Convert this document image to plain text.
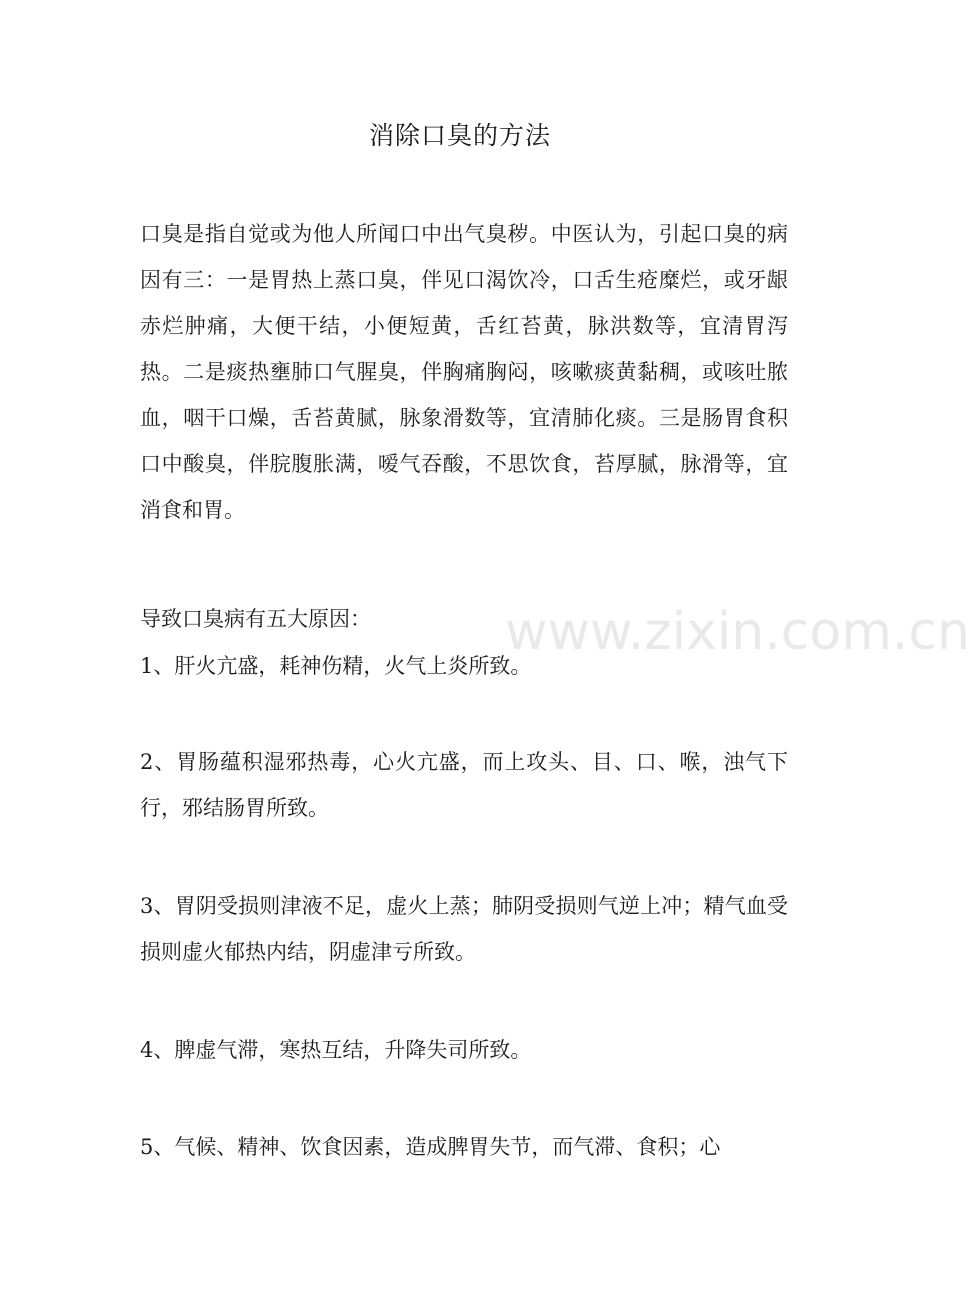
消除口臭的方法
口臭是指自觉或为他人所闻口中出气臭秽。中医认为，引起口臭的病因有三：一是胃热上蒸口臭，伴见口渴饮冷，口舌生疮糜烂，或牙龈赤烂肿痛，大便干结，小便短黄，舌红苔黄，脉洪数等，宜清胃泻热。二是痰热壅肺口气腥臭，伴胸痛胸闷，咳嗽痰黄黏稠，或咳吐脓血，咽干口燥，舌苔黄腻，脉象滑数等，宜清肺化痰。三是肠胃食积口中酸臭，伴脘腹胀满，嗳气吞酸，不思饮食，苔厚腻，脉滑等，宜消食和胃。
导致口臭病有五大原因：
1、肝火亢盛，耗神伤精，火气上炎所致。
2、胃肠蕴积湿邪热毒，心火亢盛，而上攻头、目、口、喉，浊气下行，邪结肠胃所致。
3、胃阴受损则津液不足，虚火上蒸；肺阴受损则气逆上冲；精气血受损则虚火郁热内结，阴虚津亏所致。
4、脾虚气滞，寒热互结，升降失司所致。
5、气候、精神、饮食因素，造成脾胃失节，而气滞、食积；心
www.zixin.com.cn
